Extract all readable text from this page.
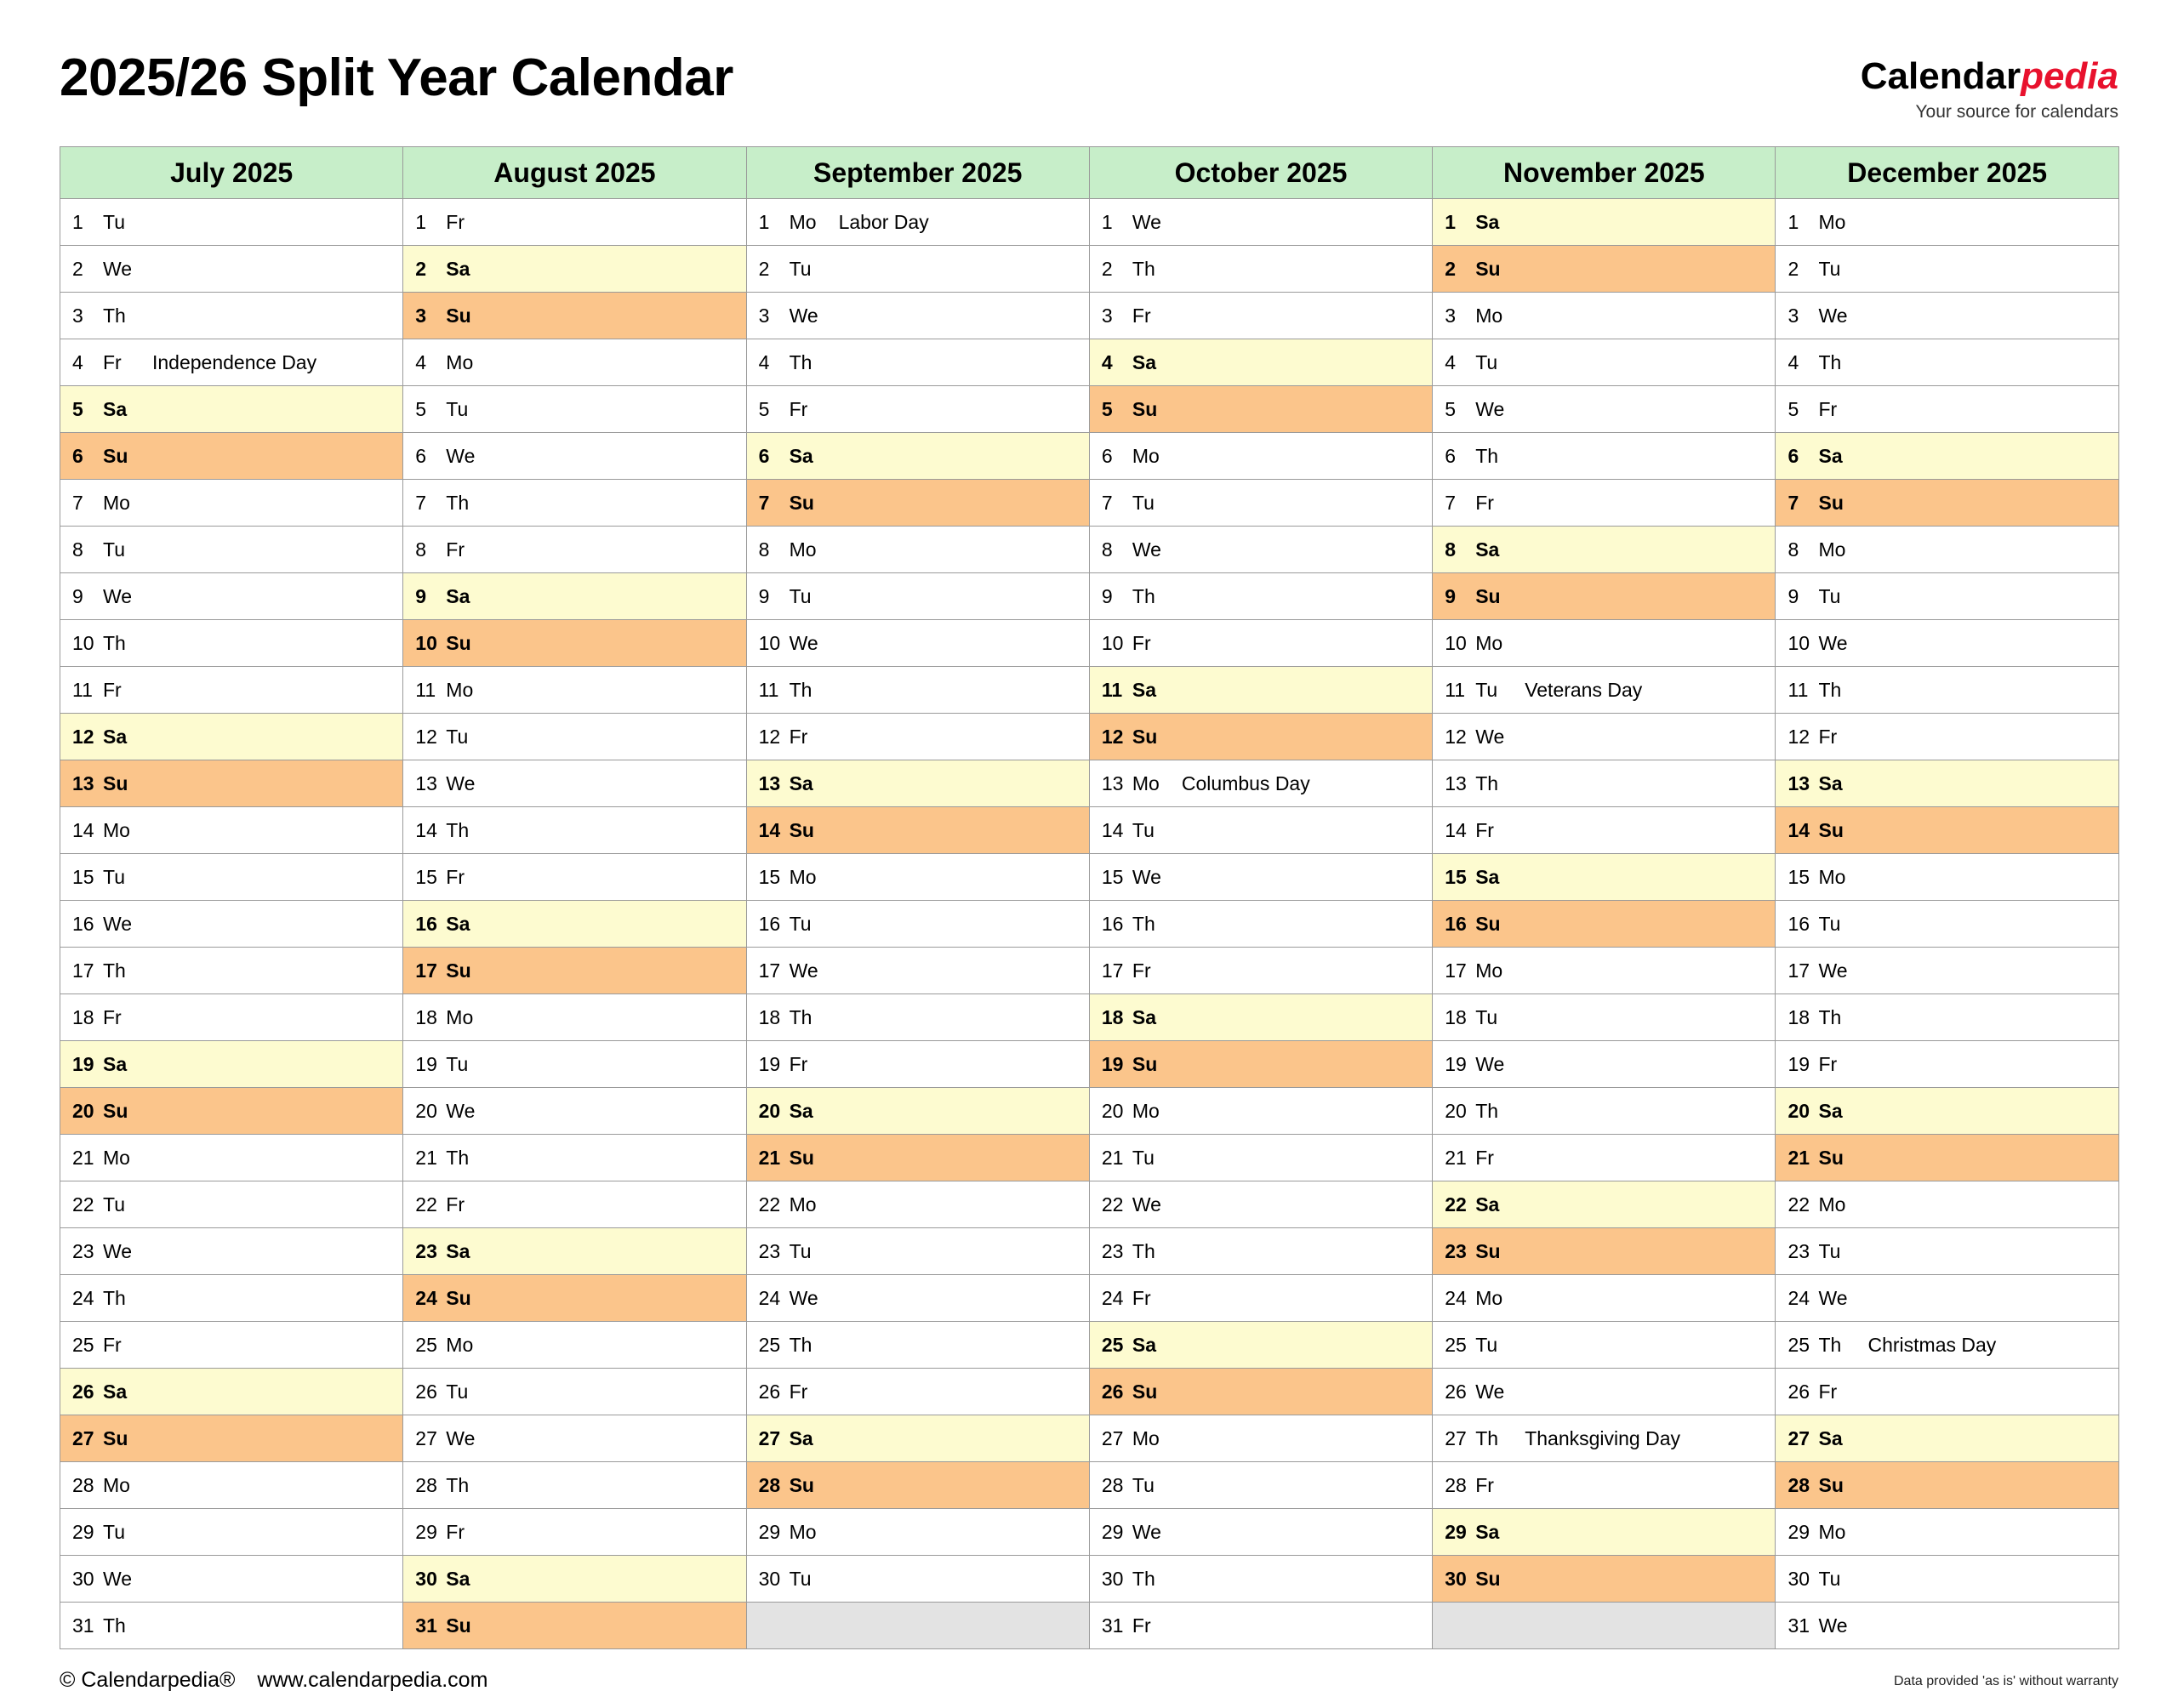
2025/26 Split Year Calendar	Calendarpedia
Your source for calendars
July 2025	August 2025	September 2025	October 2025	November 2025	December 2025

1 Tu	1 Fr	1 Mo Labor Day	1 We	1 Sa	1 Mo

2 We	2 Sa	2 Tu	2 Th	2 Su	2 Tu

3 Th	3 Su	3 We	3 Fr	3 Mo	3 We

4 Fr Independence Day	4 Mo	4 Th	4 Sa	4 Tu	4 Th

5 Sa	5 Tu	5 Fr	5 Su	5 We	5 Fr

6 Su	6 We	6 Sa	6 Mo	6 Th	6 Sa

7 Mo	7 Th	7 Su	7 Tu	7 Fr	7 Su

8 Tu	8 Fr	8 Mo	8 We	8 Sa	8 Mo

9 We	9 Sa	9 Tu	9 Th	9 Su	9 Tu

10 Th	10 Su	10 We	10 Fr	10 Mo	10 We

11 Fr	11 Mo	11 Th	11 Sa	11 Tu Veterans Day	11 Th

12 Sa	12 Tu	12 Fr	12 Su	12 We	12 Fr

13 Su	13 We	13 Sa	13 Mo Columbus Day	13 Th	13 Sa

14 Mo	14 Th	14 Su	14 Tu	14 Fr	14 Su

15 Tu	15 Fr	15 Mo	15 We	15 Sa	15 Mo

16 We	16 Sa	16 Tu	16 Th	16 Su	16 Tu

17 Th	17 Su	17 We	17 Fr	17 Mo	17 We

18 Fr	18 Mo	18 Th	18 Sa	18 Tu	18 Th

19 Sa	19 Tu	19 Fr	19 Su	19 We	19 Fr

20 Su	20 We	20 Sa	20 Mo	20 Th	20 Sa

21 Mo	21 Th	21 Su	21 Tu	21 Fr	21 Su

22 Tu	22 Fr	22 Mo	22 We	22 Sa	22 Mo

23 We	23 Sa	23 Tu	23 Th	23 Su	23 Tu

24 Th	24 Su	24 We	24 Fr	24 Mo	24 We

25 Fr	25 Mo	25 Th	25 Sa	25 Tu	25 Th Christmas Day

26 Sa	26 Tu	26 Fr	26 Su	26 We	26 Fr

27 Su	27 We	27 Sa	27 Mo	27 Th Thanksgiving Day	27 Sa

28 Mo	28 Th	28 Su	28 Tu	28 Fr	28 Su

29 Tu	29 Fr	29 Mo	29 We	29 Sa	29 Mo

30 We	30 Sa	30 Tu	30 Th	30 Su	30 Tu

31 Th	31 Su		31 Fr		31 We
© Calendarpedia® www.calendarpedia.com	Data provided 'as is' without warranty
